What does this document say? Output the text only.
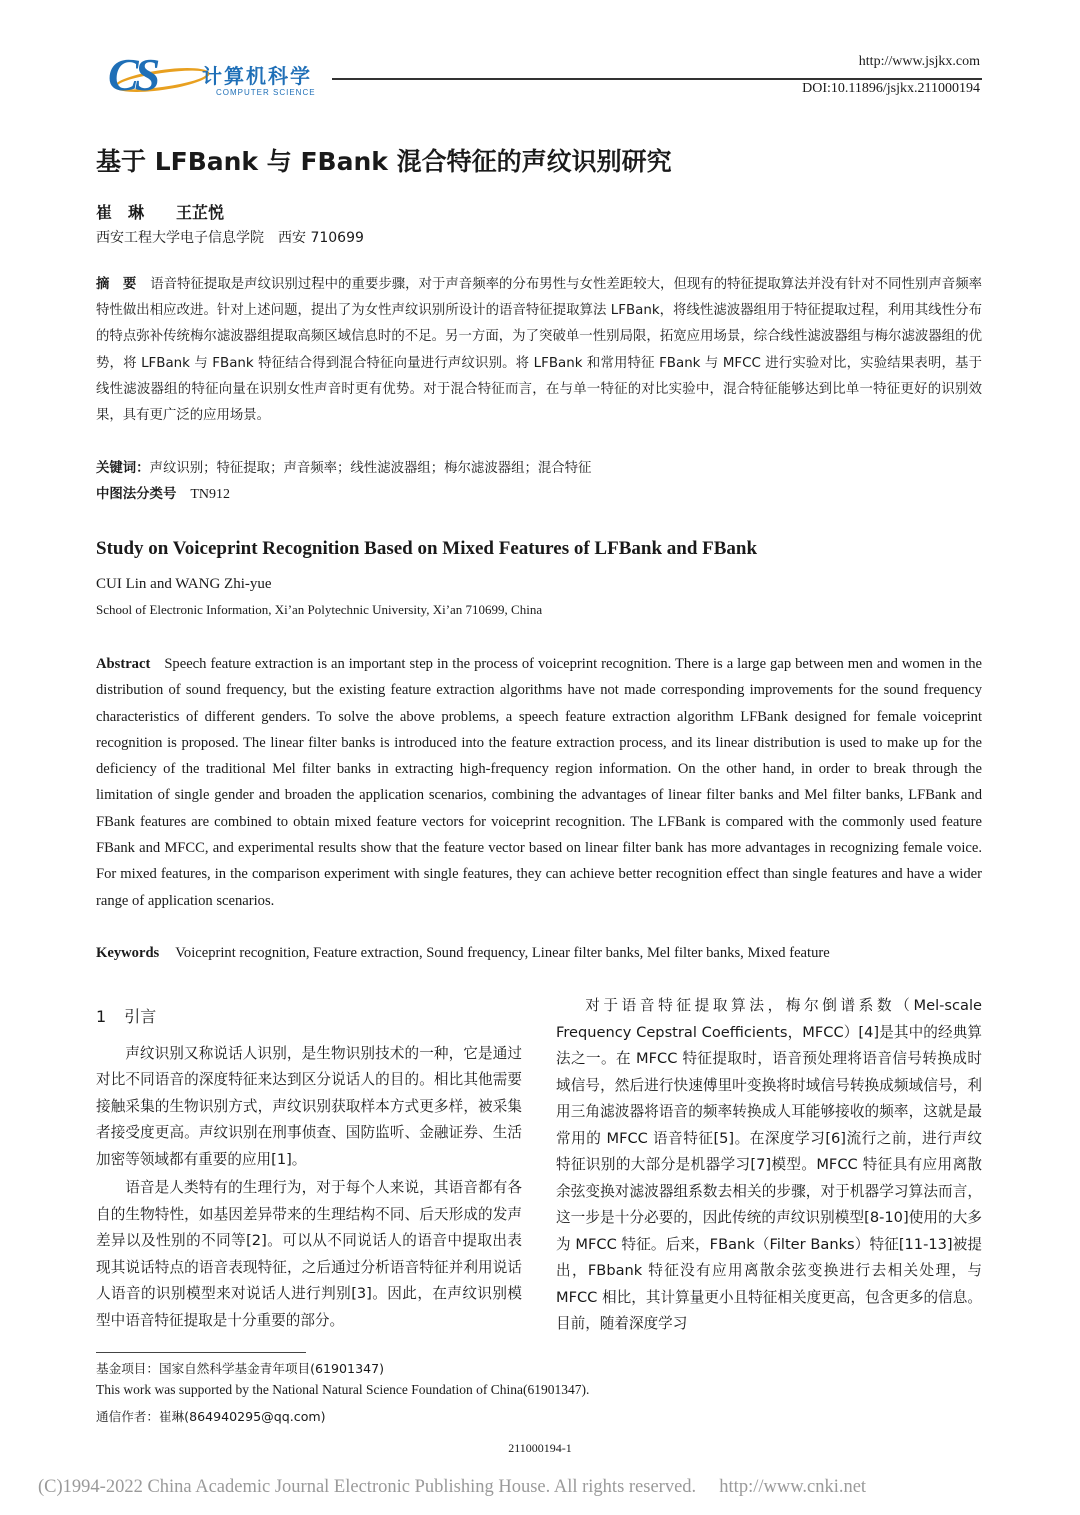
CS 计算机科学
COMPUTER SCIENCE
http://www.jsjkx.com
DOI:10.11896/jsjkx.211000194
基于 LFBank 与 FBank 混合特征的声纹识别研究
崔　琳　　王芷悦
西安工程大学电子信息学院　西安 710699
摘　要 语音特征提取是声纹识别过程中的重要步骤，对于声音频率的分布男性与女性差距较大，但现有的特征提取算法并没有针对不同性别声音频率特性做出相应改进。针对上述问题，提出了为女性声纹识别所设计的语音特征提取算法 LFBank，将线性滤波器组用于特征提取过程，利用其线性分布的特点弥补传统梅尔滤波器组提取高频区域信息时的不足。另一方面，为了突破单一性别局限，拓宽应用场景，综合线性滤波器组与梅尔滤波器组的优势，将 LFBank 与 FBank 特征结合得到混合特征向量进行声纹识别。将 LFBank 和常用特征 FBank 与 MFCC 进行实验对比，实验结果表明，基于线性滤波器组的特征向量在识别女性声音时更有优势。对于混合特征而言，在与单一特征的对比实验中，混合特征能够达到比单一特征更好的识别效果，具有更广泛的应用场景。
关键词：声纹识别；特征提取；声音频率；线性滤波器组；梅尔滤波器组；混合特征
中图法分类号 TN912
Study on Voiceprint Recognition Based on Mixed Features of LFBank and FBank
CUI Lin and WANG Zhi-yue
School of Electronic Information, Xi’an Polytechnic University, Xi’an 710699, China
Abstract Speech feature extraction is an important step in the process of voiceprint recognition. There is a large gap between men and women in the distribution of sound frequency, but the existing feature extraction algorithms have not made corresponding improvements for the sound frequency characteristics of different genders. To solve the above problems, a speech feature extraction algorithm LFBank designed for female voiceprint recognition is proposed. The linear filter banks is introduced into the feature extraction process, and its linear distribution is used to make up for the deficiency of the traditional Mel filter banks in extracting high-frequency region information. On the other hand, in order to break through the limitation of single gender and broaden the application scenarios, combining the advantages of linear filter banks and Mel filter banks, LFBank and FBank features are combined to obtain mixed feature vectors for voiceprint recognition. The LFBank is compared with the commonly used feature FBank and MFCC, and experimental results show that the feature vector based on linear filter bank has more advantages in recognizing female voice. For mixed features, in the comparison experiment with single features, they can achieve better recognition effect than single features and have a wider range of application scenarios.
Keywords Voiceprint recognition, Feature extraction, Sound frequency, Linear filter banks, Mel filter banks, Mixed feature
1 引言

声纹识别又称说话人识别，是生物识别技术的一种，它是通过对比不同语音的深度特征来达到区分说话人的目的。相比其他需要接触采集的生物识别方式，声纹识别获取样本方式更多样，被采集者接受度更高。声纹识别在刑事侦查、国防监听、金融证券、生活加密等领域都有重要的应用[1]。

语音是人类特有的生理行为，对于每个人来说，其语音都有各自的生物特性，如基因差异带来的生理结构不同、后天形成的发声差异以及性别的不同等[2]。可以从不同说话人的语音中提取出表现其说话特点的语音表现特征，之后通过分析语音特征并利用说话人语音的识别模型来对说话人进行判别[3]。因此，在声纹识别模型中语音特征提取是十分重要的部分。

对于语音特征提取算法，梅尔倒谱系数（Mel-scale Frequency Cepstral Coefficients，MFCC）[4]是其中的经典算法之一。在 MFCC 特征提取时，语音预处理将语音信号转换成时域信号，然后进行快速傅里叶变换将时域信号转换成频域信号，利用三角滤波器将语音的频率转换成人耳能够接收的频率，这就是最常用的 MFCC 语音特征[5]。在深度学习[6]流行之前，进行声纹特征识别的大部分是机器学习[7]模型。MFCC 特征具有应用离散余弦变换对滤波器组系数去相关的步骤，对于机器学习算法而言，这一步是十分必要的，因此传统的声纹识别模型[8-10]使用的大多为 MFCC 特征。后来，FBank（Filter Banks）特征[11-13]被提出，FBbank 特征没有应用离散余弦变换进行去相关处理，与 MFCC 相比，其计算量更小且特征相关度更高，包含更多的信息。目前，随着深度学习

基金项目：国家自然科学基金青年项目(61901347)
This work was supported by the National Natural Science Foundation of China(61901347).
通信作者：崔琳(864940295@qq.com)
211000194-1
(C)1994-2022 China Academic Journal Electronic Publishing House. All rights reserved.　 http://www.cnki.net
